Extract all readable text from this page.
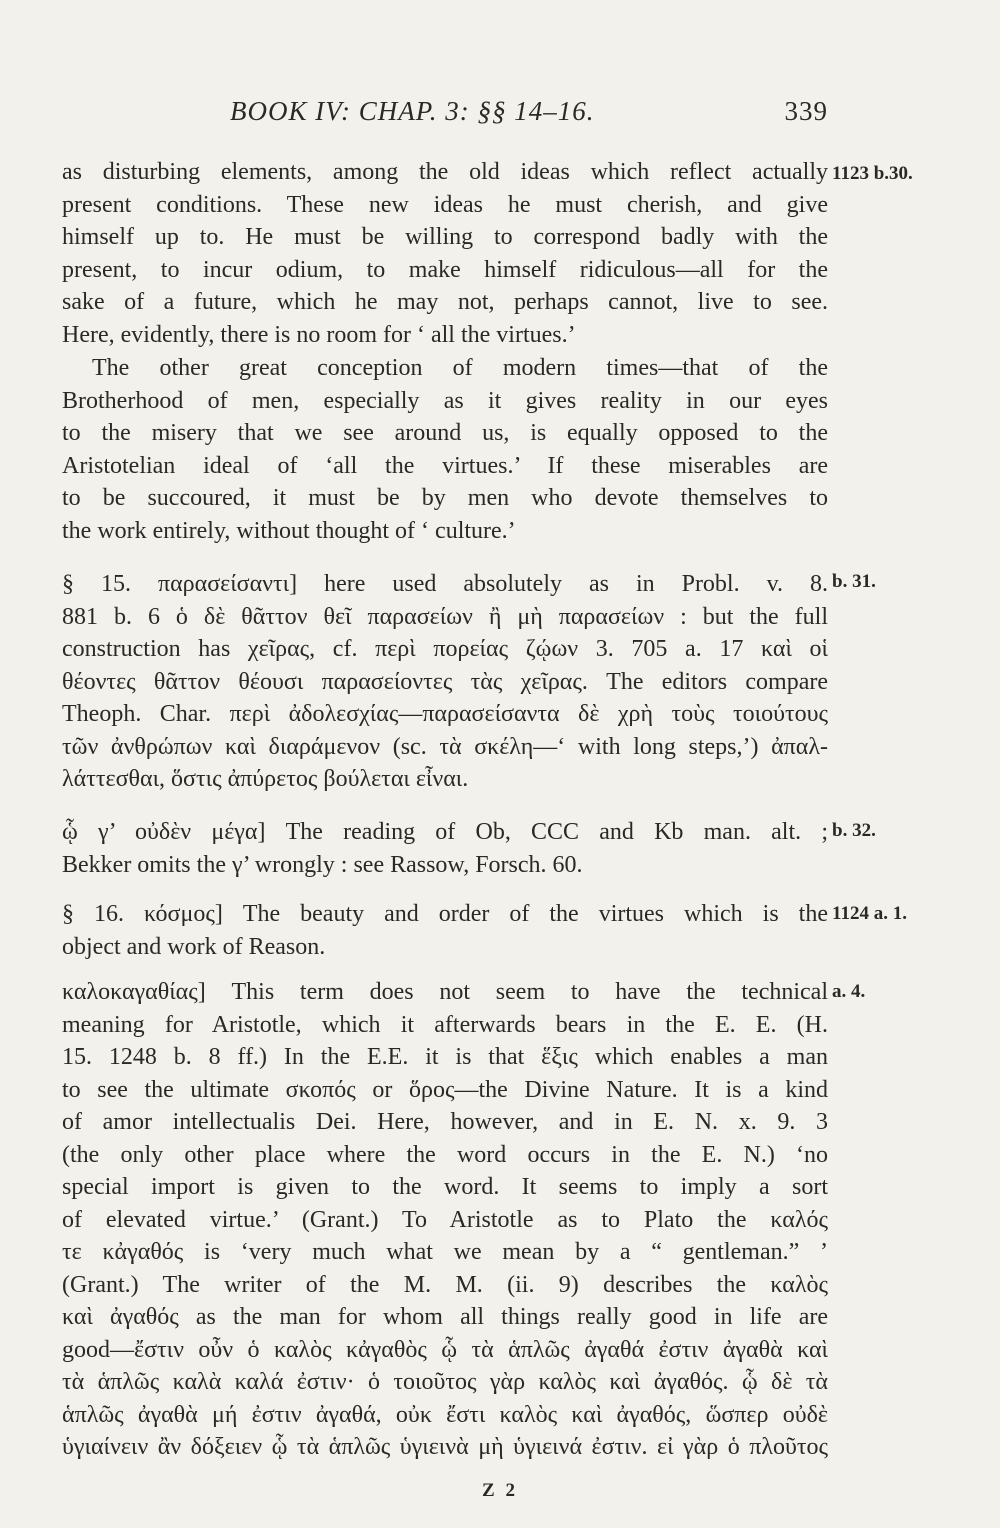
BOOK IV: CHAP. 3: §§ 14–16.	339
as disturbing elements, among the old ideas which reflect actually
present conditions. These new ideas he must cherish, and give
himself up to. He must be willing to correspond badly with the
present, to incur odium, to make himself ridiculous—all for the
sake of a future, which he may not, perhaps cannot, live to see.
Here, evidently, there is no room for ‘ all the virtues.’
The other great conception of modern times—that of the
Brotherhood of men, especially as it gives reality in our eyes
to the misery that we see around us, is equally opposed to the
Aristotelian ideal of ‘all the virtues.’ If these miserables are
to be succoured, it must be by men who devote themselves to
the work entirely, without thought of ‘ culture.’
§ 15. παρασείσαντι] here used absolutely as in Probl. v. 8.
881 b. 6 ὁ δὲ θᾶττον θεῖ παρασείων ἢ μὴ παρασείων : but the full
construction has χεῖρας, cf. περὶ πορείας ζῴων 3. 705 a. 17 καὶ οἱ
θέοντες θᾶττον θέουσι παρασείοντες τὰς χεῖρας. The editors compare
Theoph. Char. περὶ ἀδολεσχίας—παρασείσαντα δὲ χρὴ τοὺς τοιούτους
τῶν ἀνθρώπων καὶ διαράμενον (sc. τὰ σκέλη—‘ with long steps,’) ἀπαλ-
λάττεσθαι, ὅστις ἀπύρετος βούλεται εἶναι.
ᾧ γ’ οὐδὲν μέγα] The reading of Ob, CCC and Kb man. alt. ;
Bekker omits the γ’ wrongly : see Rassow, Forsch. 60.
§ 16. κόσμος] The beauty and order of the virtues which is the
object and work of Reason.
καλοκαγαθίας] This term does not seem to have the technical
meaning for Aristotle, which it afterwards bears in the E. E. (H.
15. 1248 b. 8 ff.) In the E.E. it is that ἕξις which enables a man
to see the ultimate σκοπός or ὅρος—the Divine Nature. It is a kind
of amor intellectualis Dei. Here, however, and in E. N. x. 9. 3
(the only other place where the word occurs in the E. N.) ‘no
special import is given to the word. It seems to imply a sort
of elevated virtue.’ (Grant.) To Aristotle as to Plato the καλός
τε κἀγαθός is ‘very much what we mean by a “ gentleman.” ’
(Grant.) The writer of the M. M. (ii. 9) describes the καλὸς
καὶ ἀγαθός as the man for whom all things really good in life are
good—ἔστιν οὖν ὁ καλὸς κἀγαθὸς ᾧ τὰ ἁπλῶς ἀγαθά ἐστιν ἀγαθὰ καὶ
τὰ ἁπλῶς καλὰ καλά ἐστιν· ὁ τοιοῦτος γὰρ καλὸς καὶ ἀγαθός. ᾧ δὲ τὰ
ἁπλῶς ἀγαθὰ μή ἐστιν ἀγαθά, οὐκ ἔστι καλὸς καὶ ἀγαθός, ὥσπερ οὐδὲ
ὑγιαίνειν ἂν δόξειεν ᾧ τὰ ἁπλῶς ὑγιεινὰ μὴ ὑγιεινά ἐστιν. εἰ γὰρ ὁ πλοῦτος
1123 b.30.
b. 31.
b. 32.
1124 a. 1.
a. 4.
Z 2
